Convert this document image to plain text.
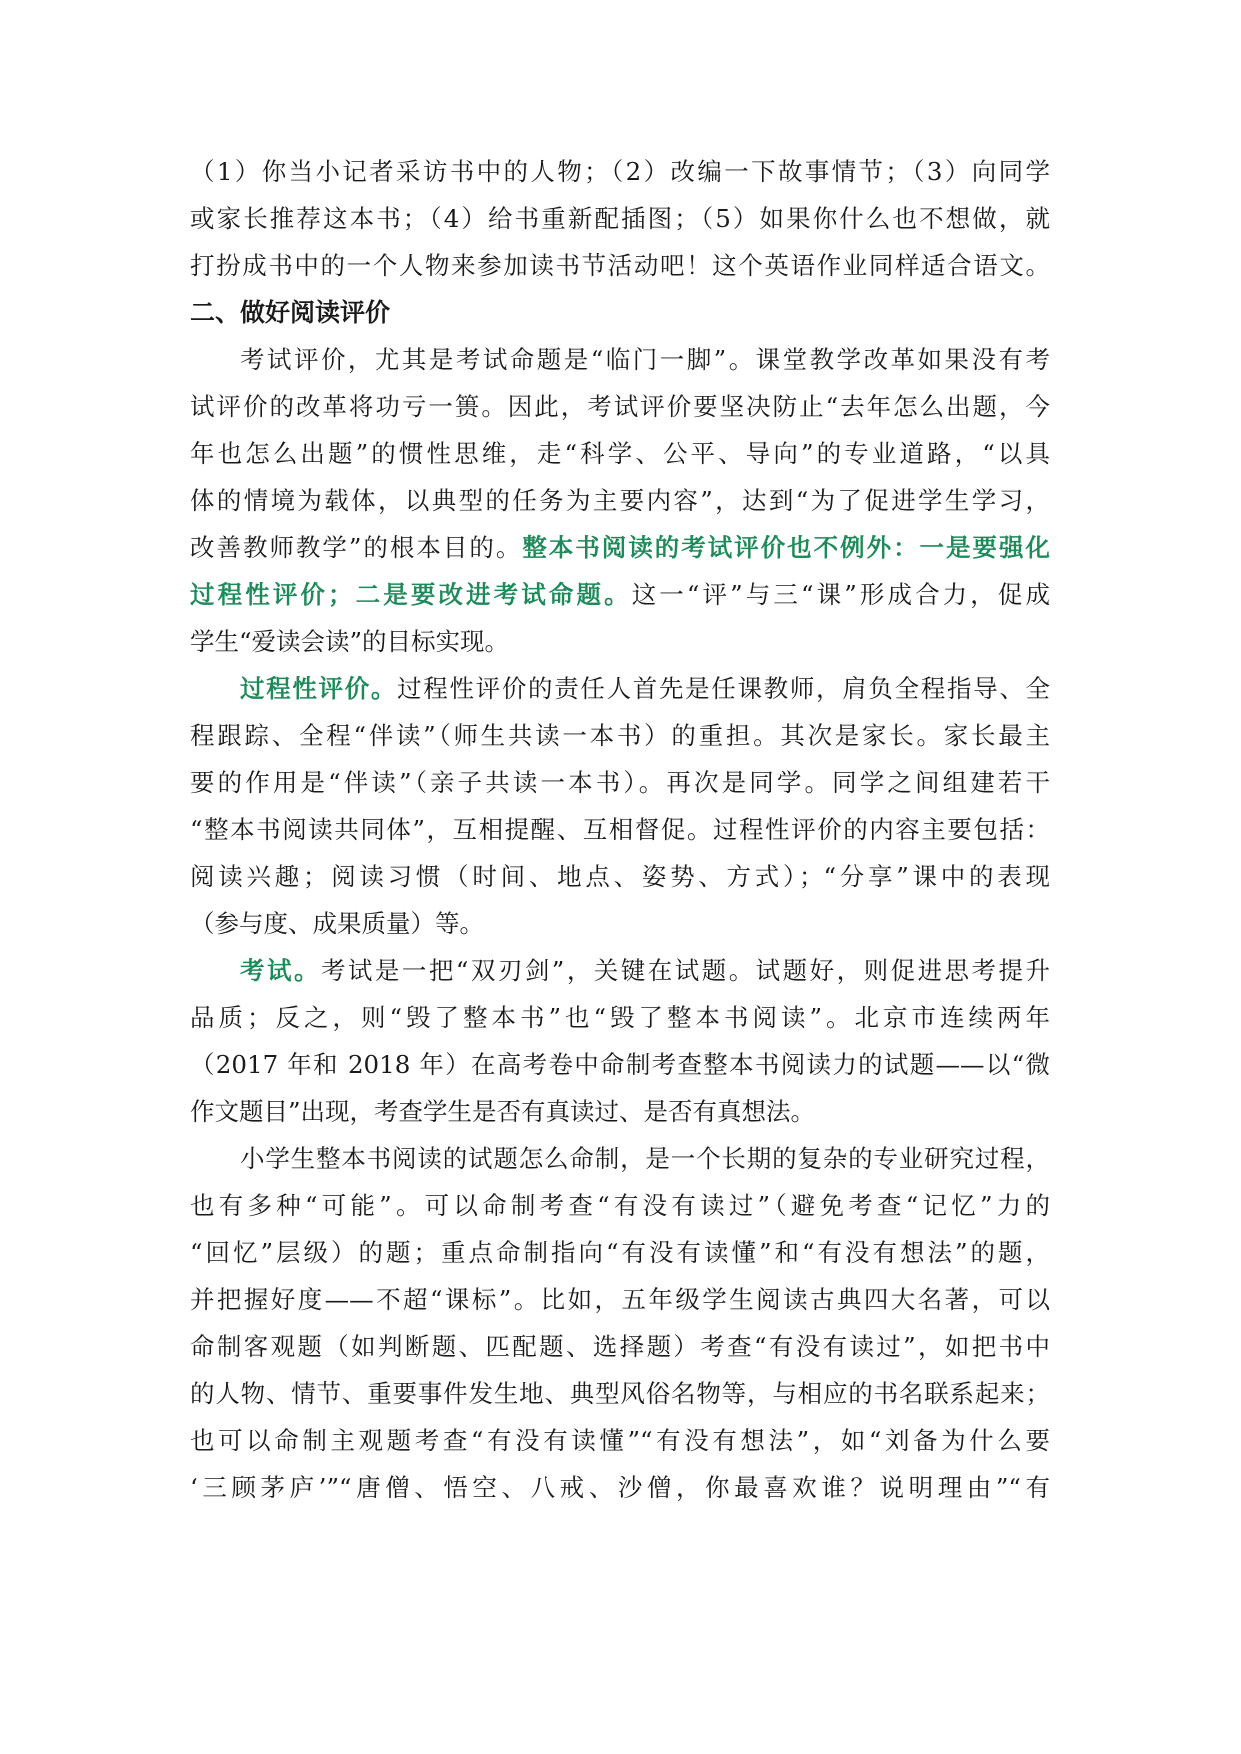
（1）你当小记者采访书中的人物；（2）改编一下故事情节；（3）向同学
或家长推荐这本书；（4）给书重新配插图；（5）如果你什么也不想做，就
打扮成书中的一个人物来参加读书节活动吧！这个英语作业同样适合语文。
二、做好阅读评价
考试评价，尤其是考试命题是“临门一脚”。课堂教学改革如果没有考
试评价的改革将功亏一篑。因此，考试评价要坚决防止“去年怎么出题，今
年也怎么出题”的惯性思维，走“科学、公平、导向”的专业道路，“以具
体的情境为载体，以典型的任务为主要内容”，达到“为了促进学生学习，
改善教师教学”的根本目的。整本书阅读的考试评价也不例外：一是要强化
过程性评价；二是要改进考试命题。这一“评”与三“课”形成合力，促成
学生“爱读会读”的目标实现。
过程性评价。过程性评价的责任人首先是任课教师，肩负全程指导、全
程跟踪、全程“伴读”（师生共读一本书）的重担。其次是家长。家长最主
要的作用是“伴读”（亲子共读一本书）。再次是同学。同学之间组建若干
“整本书阅读共同体”，互相提醒、互相督促。过程性评价的内容主要包括：
阅读兴趣；阅读习惯（时间、地点、姿势、方式）；“分享”课中的表现
（参与度、成果质量）等。
考试。考试是一把“双刃剑”，关键在试题。试题好，则促进思考提升
品质；反之，则“毁了整本书”也“毁了整本书阅读”。北京市连续两年
（2017 年和 2018 年）在高考卷中命制考查整本书阅读力的试题——以“微
作文题目”出现，考查学生是否有真读过、是否有真想法。
小学生整本书阅读的试题怎么命制，是一个长期的复杂的专业研究过程，
也有多种“可能”。可以命制考查“有没有读过”（避免考查“记忆”力的
“回忆”层级）的题；重点命制指向“有没有读懂”和“有没有想法”的题，
并把握好度——不超“课标”。比如，五年级学生阅读古典四大名著，可以
命制客观题（如判断题、匹配题、选择题）考查“有没有读过”，如把书中
的人物、情节、重要事件发生地、典型风俗名物等，与相应的书名联系起来；
也可以命制主观题考查“有没有读懂”“有没有想法”，如“刘备为什么要
‘三顾茅庐’”“唐僧、悟空、八戒、沙僧，你最喜欢谁？说明理由”“有
